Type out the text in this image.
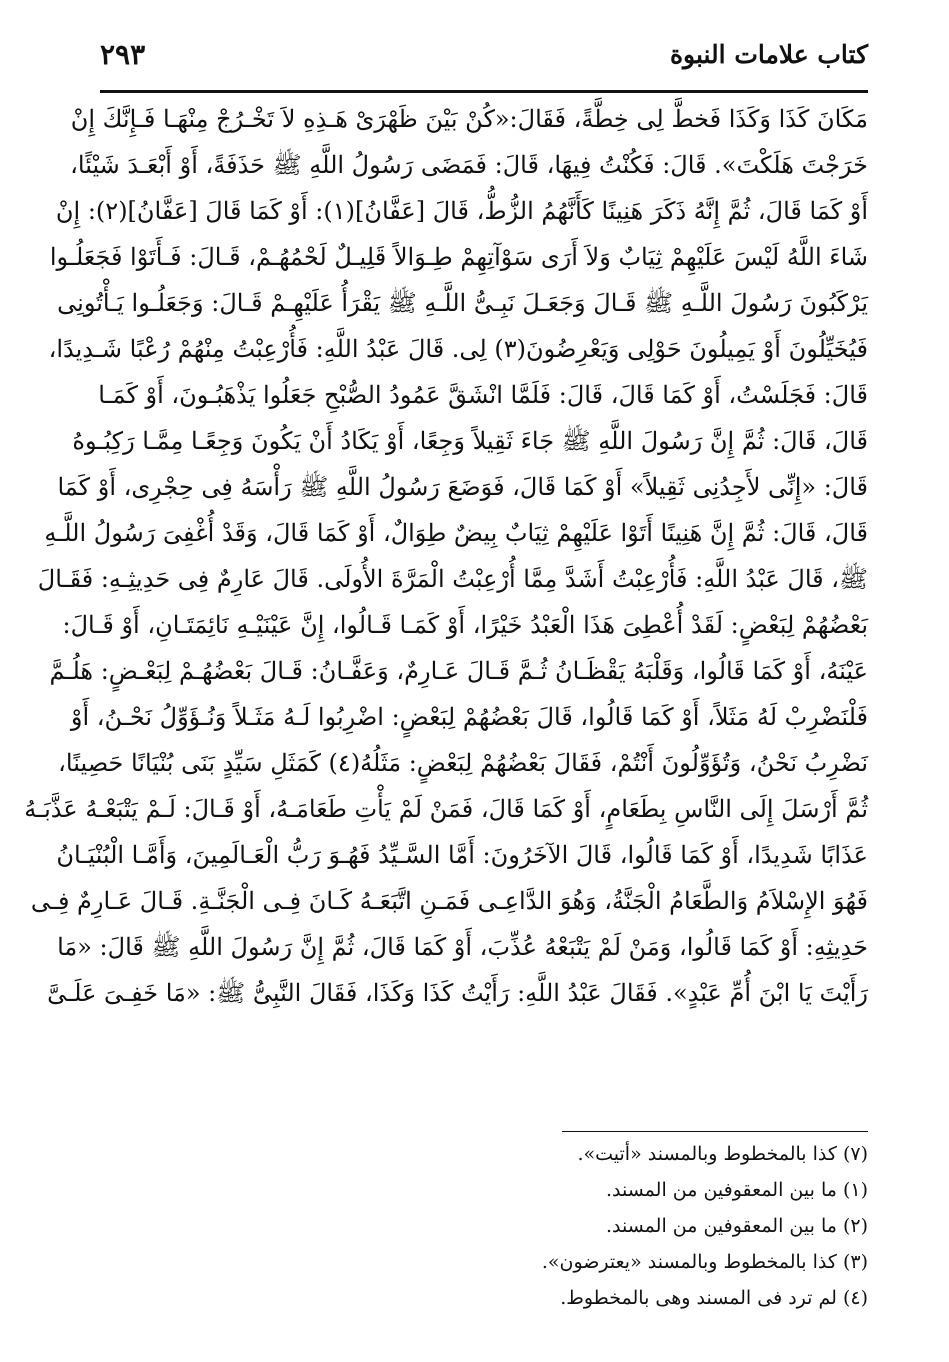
كتاب علامات النبوة
٢٩٣
مَكَانَ كَذَا وَكَذَا فَخطَّ لِى خِطَّةً، فَقَالَ:«كُنْ بَيْنَ ظَهْرَىْ هَـذِهِ لاَ تَخْـرُجْ مِنْهَـا فَـإِنَّكَ إِنْ
خَرَجْتَ هَلَكْتَ». قَالَ: فَكُنْتُ فِيهَا، قَالَ: فَمَضَى رَسُولُ اللَّهِ ﷺ حَذَفَةً، أَوْ أَبْعَـدَ شَيْئًا،
أَوْ كَمَا قَالَ، ثُمَّ إِنَّهُ ذَكَرَ هَنِينًا كَأَنَّهُمُ الزُّطُّ، قَالَ [عَفَّانُ](١): أَوْ كَمَا قَالَ [عَفَّانُ](٢): إِنْ
شَاءَ اللَّهُ لَيْسَ عَلَيْهِمْ ثِيَابٌ وَلاَ أَرَى سَوْآتِهِمْ طِـوَالاً قَلِيـلٌ لَحْمُهُـمْ، قَـالَ: فَـأَتَوْا فَجَعَلُـوا
يَرْكَبُونَ رَسُولَ اللَّـهِ ﷺ قَـالَ وَجَعَـلَ نَبِـىُّ اللَّـهِ ﷺ يَقْرَأُ عَلَيْهِـمْ قَـالَ: وَجَعَلُـوا يَـأْتُونِى
فَيُخَيِّلُونَ أَوْ يَمِيلُونَ حَوْلِى وَيَعْرِضُونَ(٣) لِى. قَالَ عَبْدُ اللَّهِ: فَأُرْعِبْتُ مِنْهُمْ رُعْبًا شَـدِيدًا،
قَالَ: فَجَلَسْتُ، أَوْ كَمَا قَالَ، قَالَ: فَلَمَّا انْشَقَّ عَمُودُ الصُّبْحِ جَعَلُوا يَذْهَبُـونَ، أَوْ كَمَـا
قَالَ، قَالَ: ثُمَّ إِنَّ رَسُولَ اللَّهِ ﷺ جَاءَ ثَقِيلاً وَجِعًا، أَوْ يَكَادُ أَنْ يَكُونَ وَجِعًـا مِمَّـا رَكِبُـوهُ
قَالَ: «إِنِّى لأَجِدُنِى ثَقِيلاً» أَوْ كَمَا قَالَ، فَوَضَعَ رَسُولُ اللَّهِ ﷺ رَأْسَهُ فِى حِجْرِى، أَوْ كَمَا
قَالَ، قَالَ: ثُمَّ إِنَّ هَنِينًا أَتَوْا عَلَيْهِمْ ثِيَابٌ بِيضٌ طِوَالٌ، أَوْ كَمَا قَالَ، وَقَدْ أُغْفِىَ رَسُولُ اللَّـهِ
ﷺ، قَالَ عَبْدُ اللَّهِ: فَأُرْعِبْتُ أَشَدَّ مِمَّا أُرْعِبْتُ الْمَرَّةَ الأُولَى. قَالَ عَارِمٌ فِى حَدِيثِـهِ: فَقَـالَ
بَعْضُهُمْ لِبَعْضٍ: لَقَدْ أُعْطِىَ هَذَا الْعَبْدُ خَيْرًا، أَوْ كَمَـا قَـالُوا، إِنَّ عَيْنَيْـهِ نَائِمَتَـانِ، أَوْ قَـالَ:
عَيْنَهُ، أَوْ كَمَا قَالُوا، وَقَلْبَهُ يَقْظَـانُ ثُـمَّ قَـالَ عَـارِمٌ، وَعَفَّـانُ: قَـالَ بَعْضُهُـمْ لِبَعْـضٍ: هَلُـمَّ
فَلْنَضْرِبْ لَهُ مَثَلاً، أَوْ كَمَا قَالُوا، قَالَ بَعْضُهُمْ لِبَعْضٍ: اضْرِبُوا لَـهُ مَثَـلاً وَنُـؤَوِّلُ نَحْـنُ، أَوْ
نَضْرِبُ نَحْنُ، وَتُؤَوِّلُونَ أَنْتُمْ، فَقَالَ بَعْضُهُمْ لِبَعْضٍ: مَثَلُهُ(٤) كَمَثَلِ سَيِّدٍ بَنَى بُنْيَانًا حَصِينًا،
ثُمَّ أَرْسَلَ إِلَى النَّاسِ بِطَعَامٍ، أَوْ كَمَا قَالَ، فَمَنْ لَمْ يَأْتِ طَعَامَـهُ، أَوْ قَـالَ: لَـمْ يَتْبَعْـهُ عَذَّبَـهُ
عَذَابًا شَدِيدًا، أَوْ كَمَا قَالُوا، قَالَ الآخَرُونَ: أَمَّا السَّـيِّدُ فَهُـوَ رَبُّ الْعَـالَمِينَ، وَأَمَّـا الْبُنْيَـانُ
فَهُوَ الإِسْلاَمُ وَالطَّعَامُ الْجَنَّةُ، وَهُوَ الدَّاعِـى فَمَـنِ اتَّبَعَـهُ كَـانَ فِـى الْجَنَّـةِ. قَـالَ عَـارِمٌ فِـى
حَدِيثِهِ: أَوْ كَمَا قَالُوا، وَمَنْ لَمْ يَتْبَعْهُ عُذِّبَ، أَوْ كَمَا قَالَ، ثُمَّ إِنَّ رَسُولَ اللَّهِ ﷺ قَالَ: «مَا
رَأَيْتَ يَا ابْنَ أُمِّ عَبْدٍ». فَقَالَ عَبْدُ اللَّهِ: رَأَيْتُ كَذَا وَكَذَا، فَقَالَ النَّبِىُّ ﷺ: «مَا خَفِـىَ عَلَـىَّ
(٧) كذا بالمخطوط وبالمسند «أتيت».
(١) ما بين المعقوفين من المسند.
(٢) ما بين المعقوفين من المسند.
(٣) كذا بالمخطوط وبالمسند «يعترضون».
(٤) لم ترد فى المسند وهى بالمخطوط.
